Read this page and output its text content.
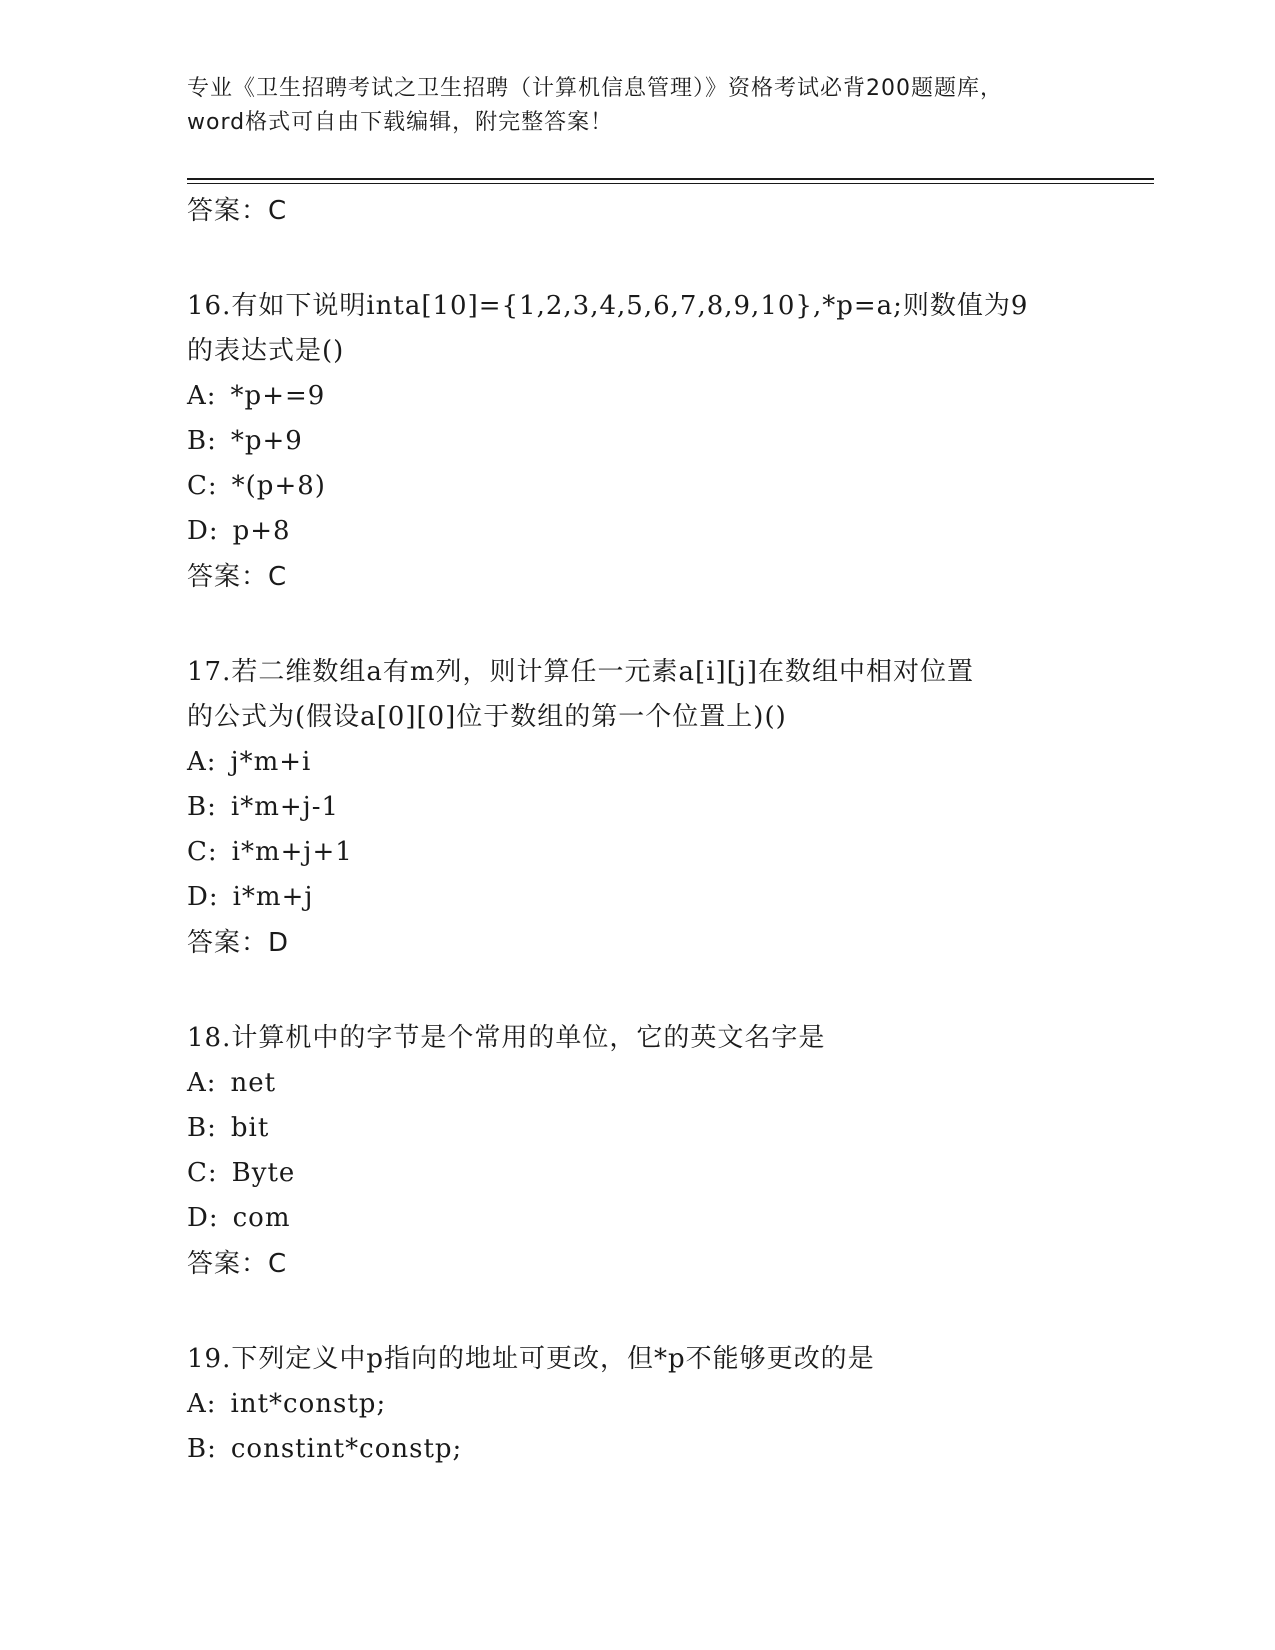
专业《卫生招聘考试之卫生招聘（计算机信息管理）》资格考试必背200题题库，
word格式可自由下载编辑，附完整答案！
答案：C
16.有如下说明inta[10]={1,2,3,4,5,6,7,8,9,10},*p=a;则数值为9
的表达式是()
A: *p+=9
B: *p+9
C: *(p+8)
D: p+8
答案：C
17.若二维数组a有m列，则计算任一元素a[i][j]在数组中相对位置
的公式为(假设a[0][0]位于数组的第一个位置上)()
A: j*m+i
B: i*m+j-1
C: i*m+j+1
D: i*m+j
答案：D
18.计算机中的字节是个常用的单位，它的英文名字是
A: net
B: bit
C: Byte
D: com
答案：C
19.下列定义中p指向的地址可更改，但*p不能够更改的是
A: int*constp;
B: constint*constp;
